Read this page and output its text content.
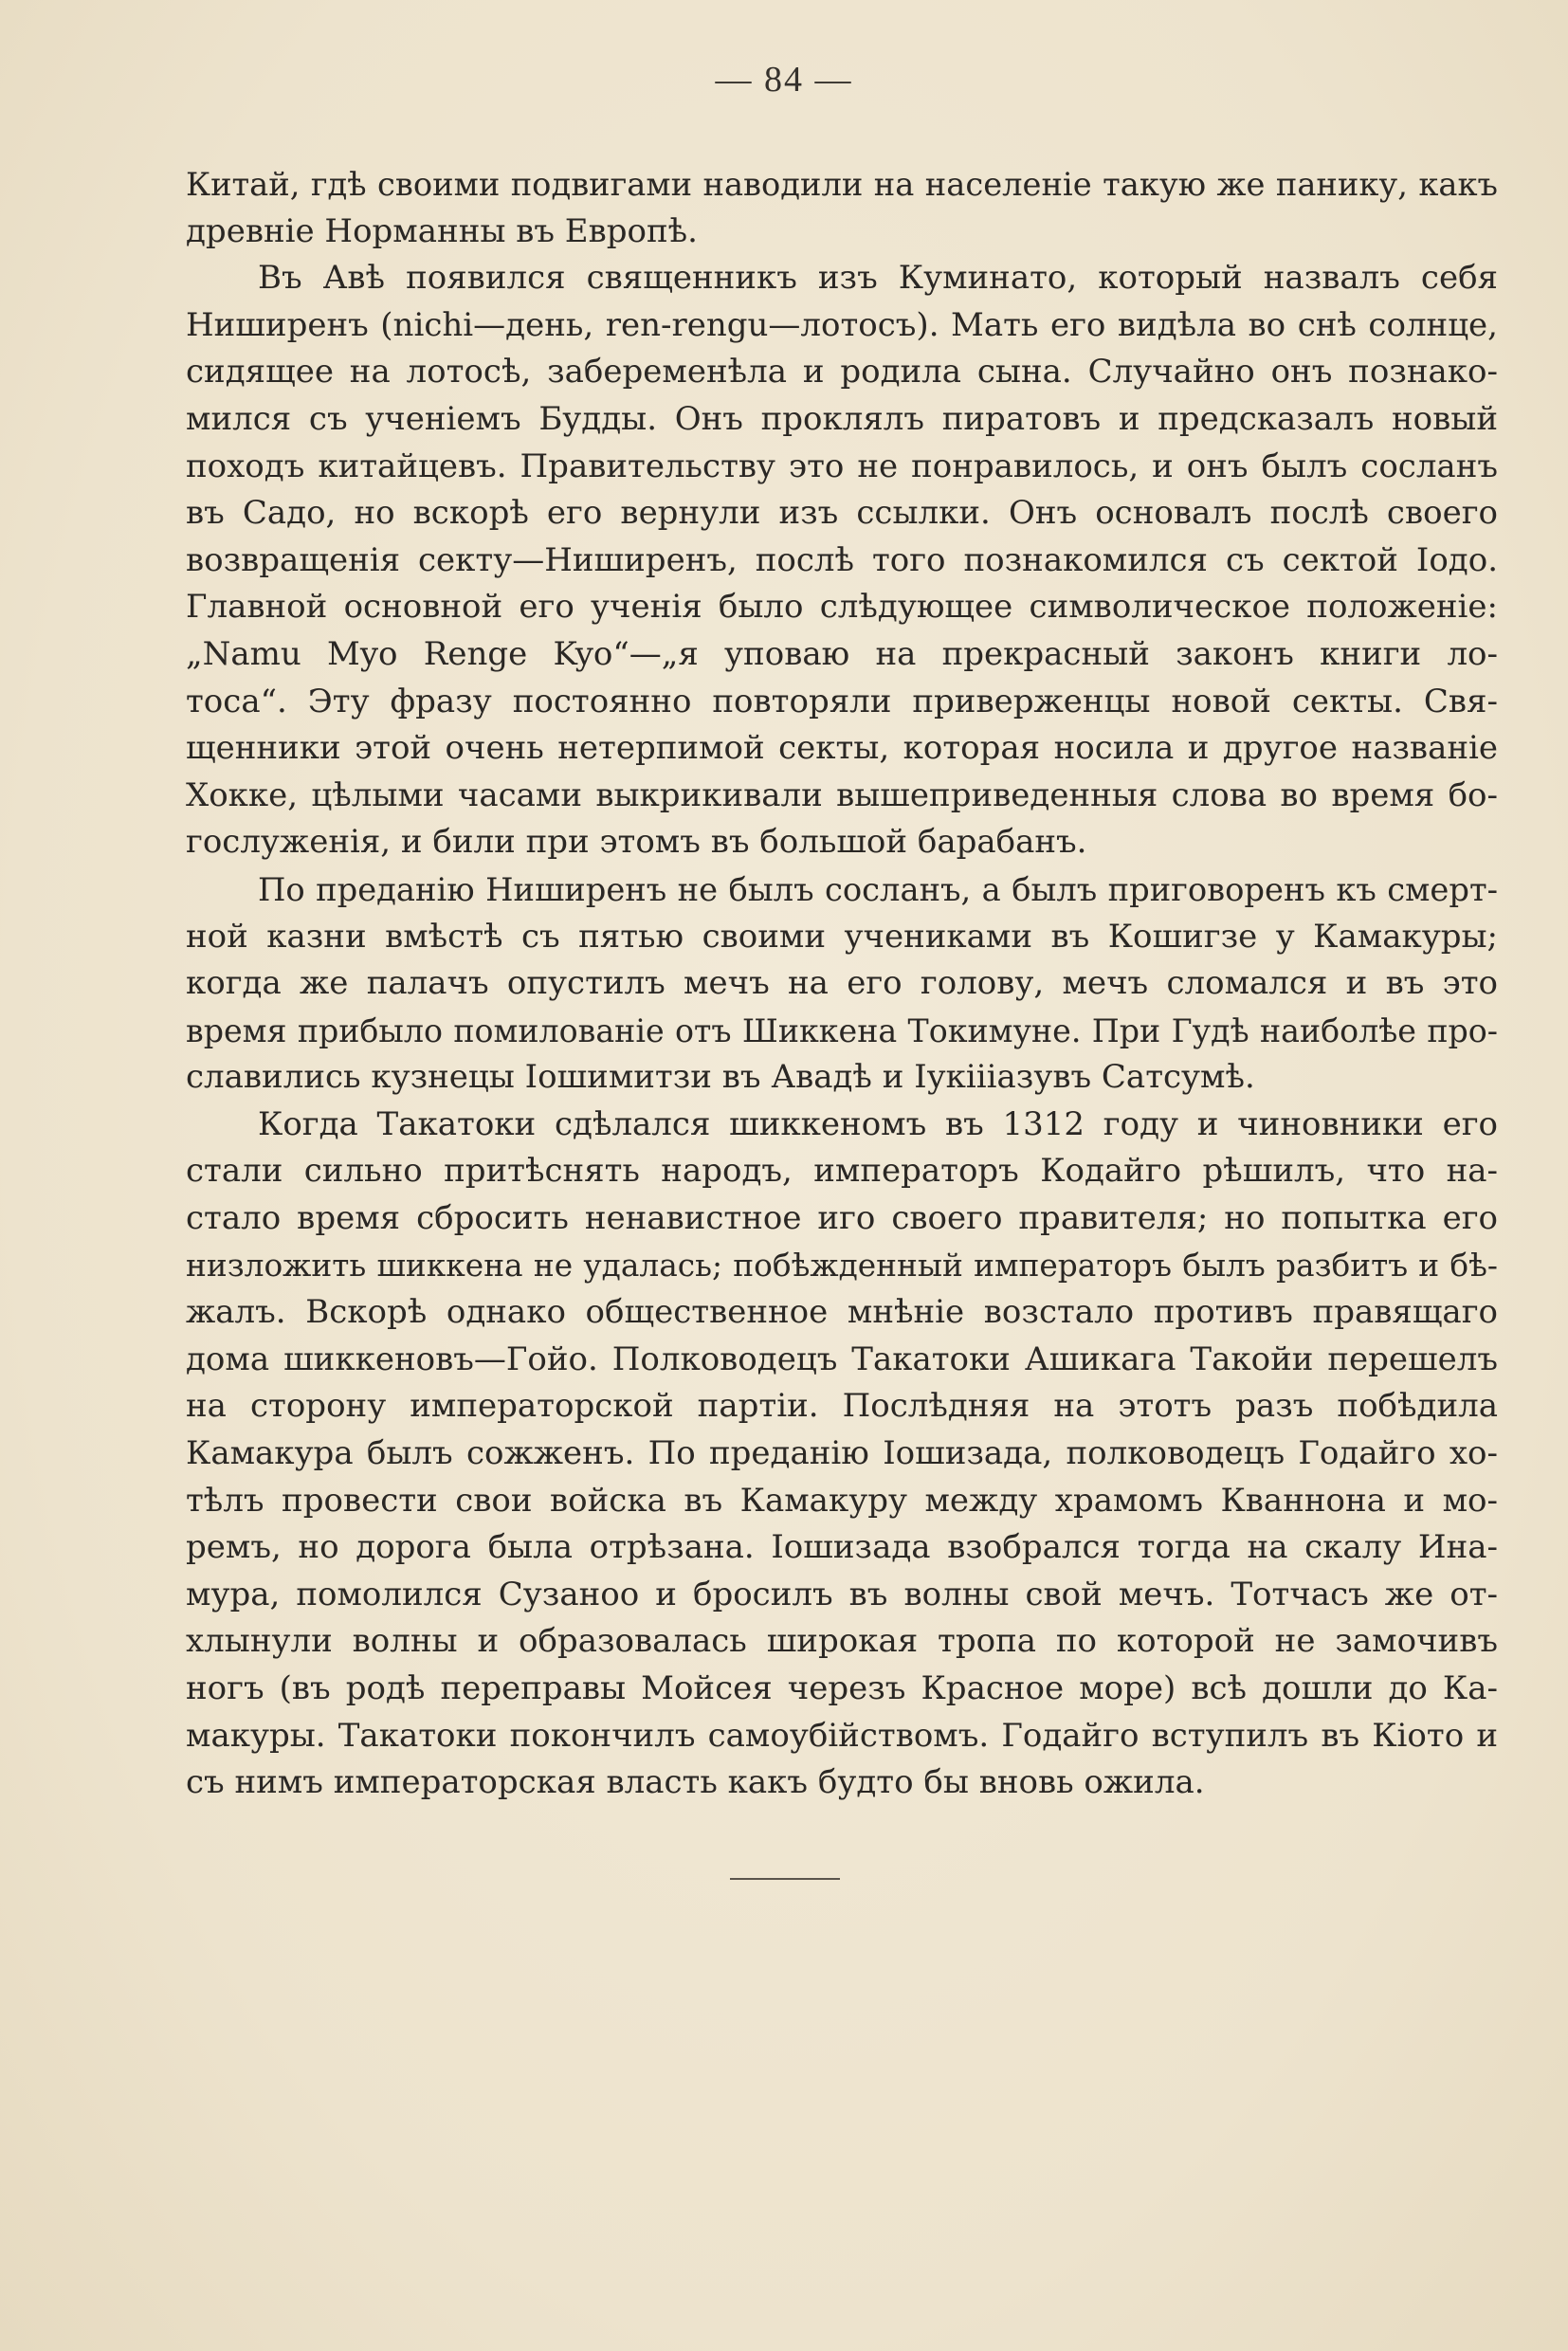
— 84 —
Китай, гдѣ своими подвигами наводили на населеніе такую же панику, какъ
древніе Норманны въ Европѣ.
Въ Авѣ появился священникъ изъ Куминато, который назвалъ себя
Ниширенъ (nichi—день, ren-rengu—лотосъ). Мать его видѣла во снѣ солнце,
сидящее на лотосѣ, забеременѣла и родила сына. Случайно онъ познако-
мился съ ученіемъ Будды. Онъ проклялъ пиратовъ и предсказалъ новый
походъ китайцевъ. Правительству это не понравилось, и онъ былъ сосланъ
въ Садо, но вскорѣ его вернули изъ ссылки. Онъ основалъ послѣ своего
возвращенія секту—Ниширенъ, послѣ того познакомился съ сектой Іодо.
Главной основной его ученія было слѣдующее символическое положеніе:
„Namu Myo Renge Kyo“—„я уповаю на прекрасный законъ книги ло-
тоса“. Эту фразу постоянно повторяли приверженцы новой секты. Свя-
щенники этой очень нетерпимой секты, которая носила и другое названіе
Хокке, цѣлыми часами выкрикивали вышеприведенныя слова во время бо-
гослуженія, и били при этомъ въ большой барабанъ.
По преданію Ниширенъ не былъ сосланъ, а былъ приговоренъ къ смерт-
ной казни вмѣстѣ съ пятью своими учениками въ Кошигзе у Камакуры;
когда же палачъ опустилъ мечъ на его голову, мечъ сломался и въ это
время прибыло помилованіе отъ Шиккена Токимуне. При Гудѣ наиболѣе про-
славились кузнецы Іошимитзи въ Авадѣ и Іукіііазувъ Сатсумѣ.
Когда Такатоки сдѣлался шиккеномъ въ 1312 году и чиновники его
стали сильно притѣснять народъ, императоръ Кодайго рѣшилъ, что на-
стало время сбросить ненавистное иго своего правителя; но попытка его
низложить шиккена не удалась; побѣжденный императоръ былъ разбитъ и бѣ-
жалъ. Вскорѣ однако общественное мнѣніе возстало противъ правящаго
дома шиккеновъ—Гойо. Полководецъ Такатоки Ашикага Такойи перешелъ
на сторону императорской партіи. Послѣдняя на этотъ разъ побѣдила
Камакура былъ сожженъ. По преданію Іошизада, полководецъ Годайго хо-
тѣлъ провести свои войска въ Камакуру между храмомъ Кваннона и мо-
ремъ, но дорога была отрѣзана. Іошизада взобрался тогда на скалу Ина-
мура, помолился Сузаноо и бросилъ въ волны свой мечъ. Тотчасъ же от-
хлынули волны и образовалась широкая тропа по которой не замочивъ
ногъ (въ родѣ переправы Мойсея черезъ Красное море) всѣ дошли до Ка-
макуры. Такатоки покончилъ самоубійствомъ. Годайго вступилъ въ Кіото и
съ нимъ императорская власть какъ будто бы вновь ожила.
